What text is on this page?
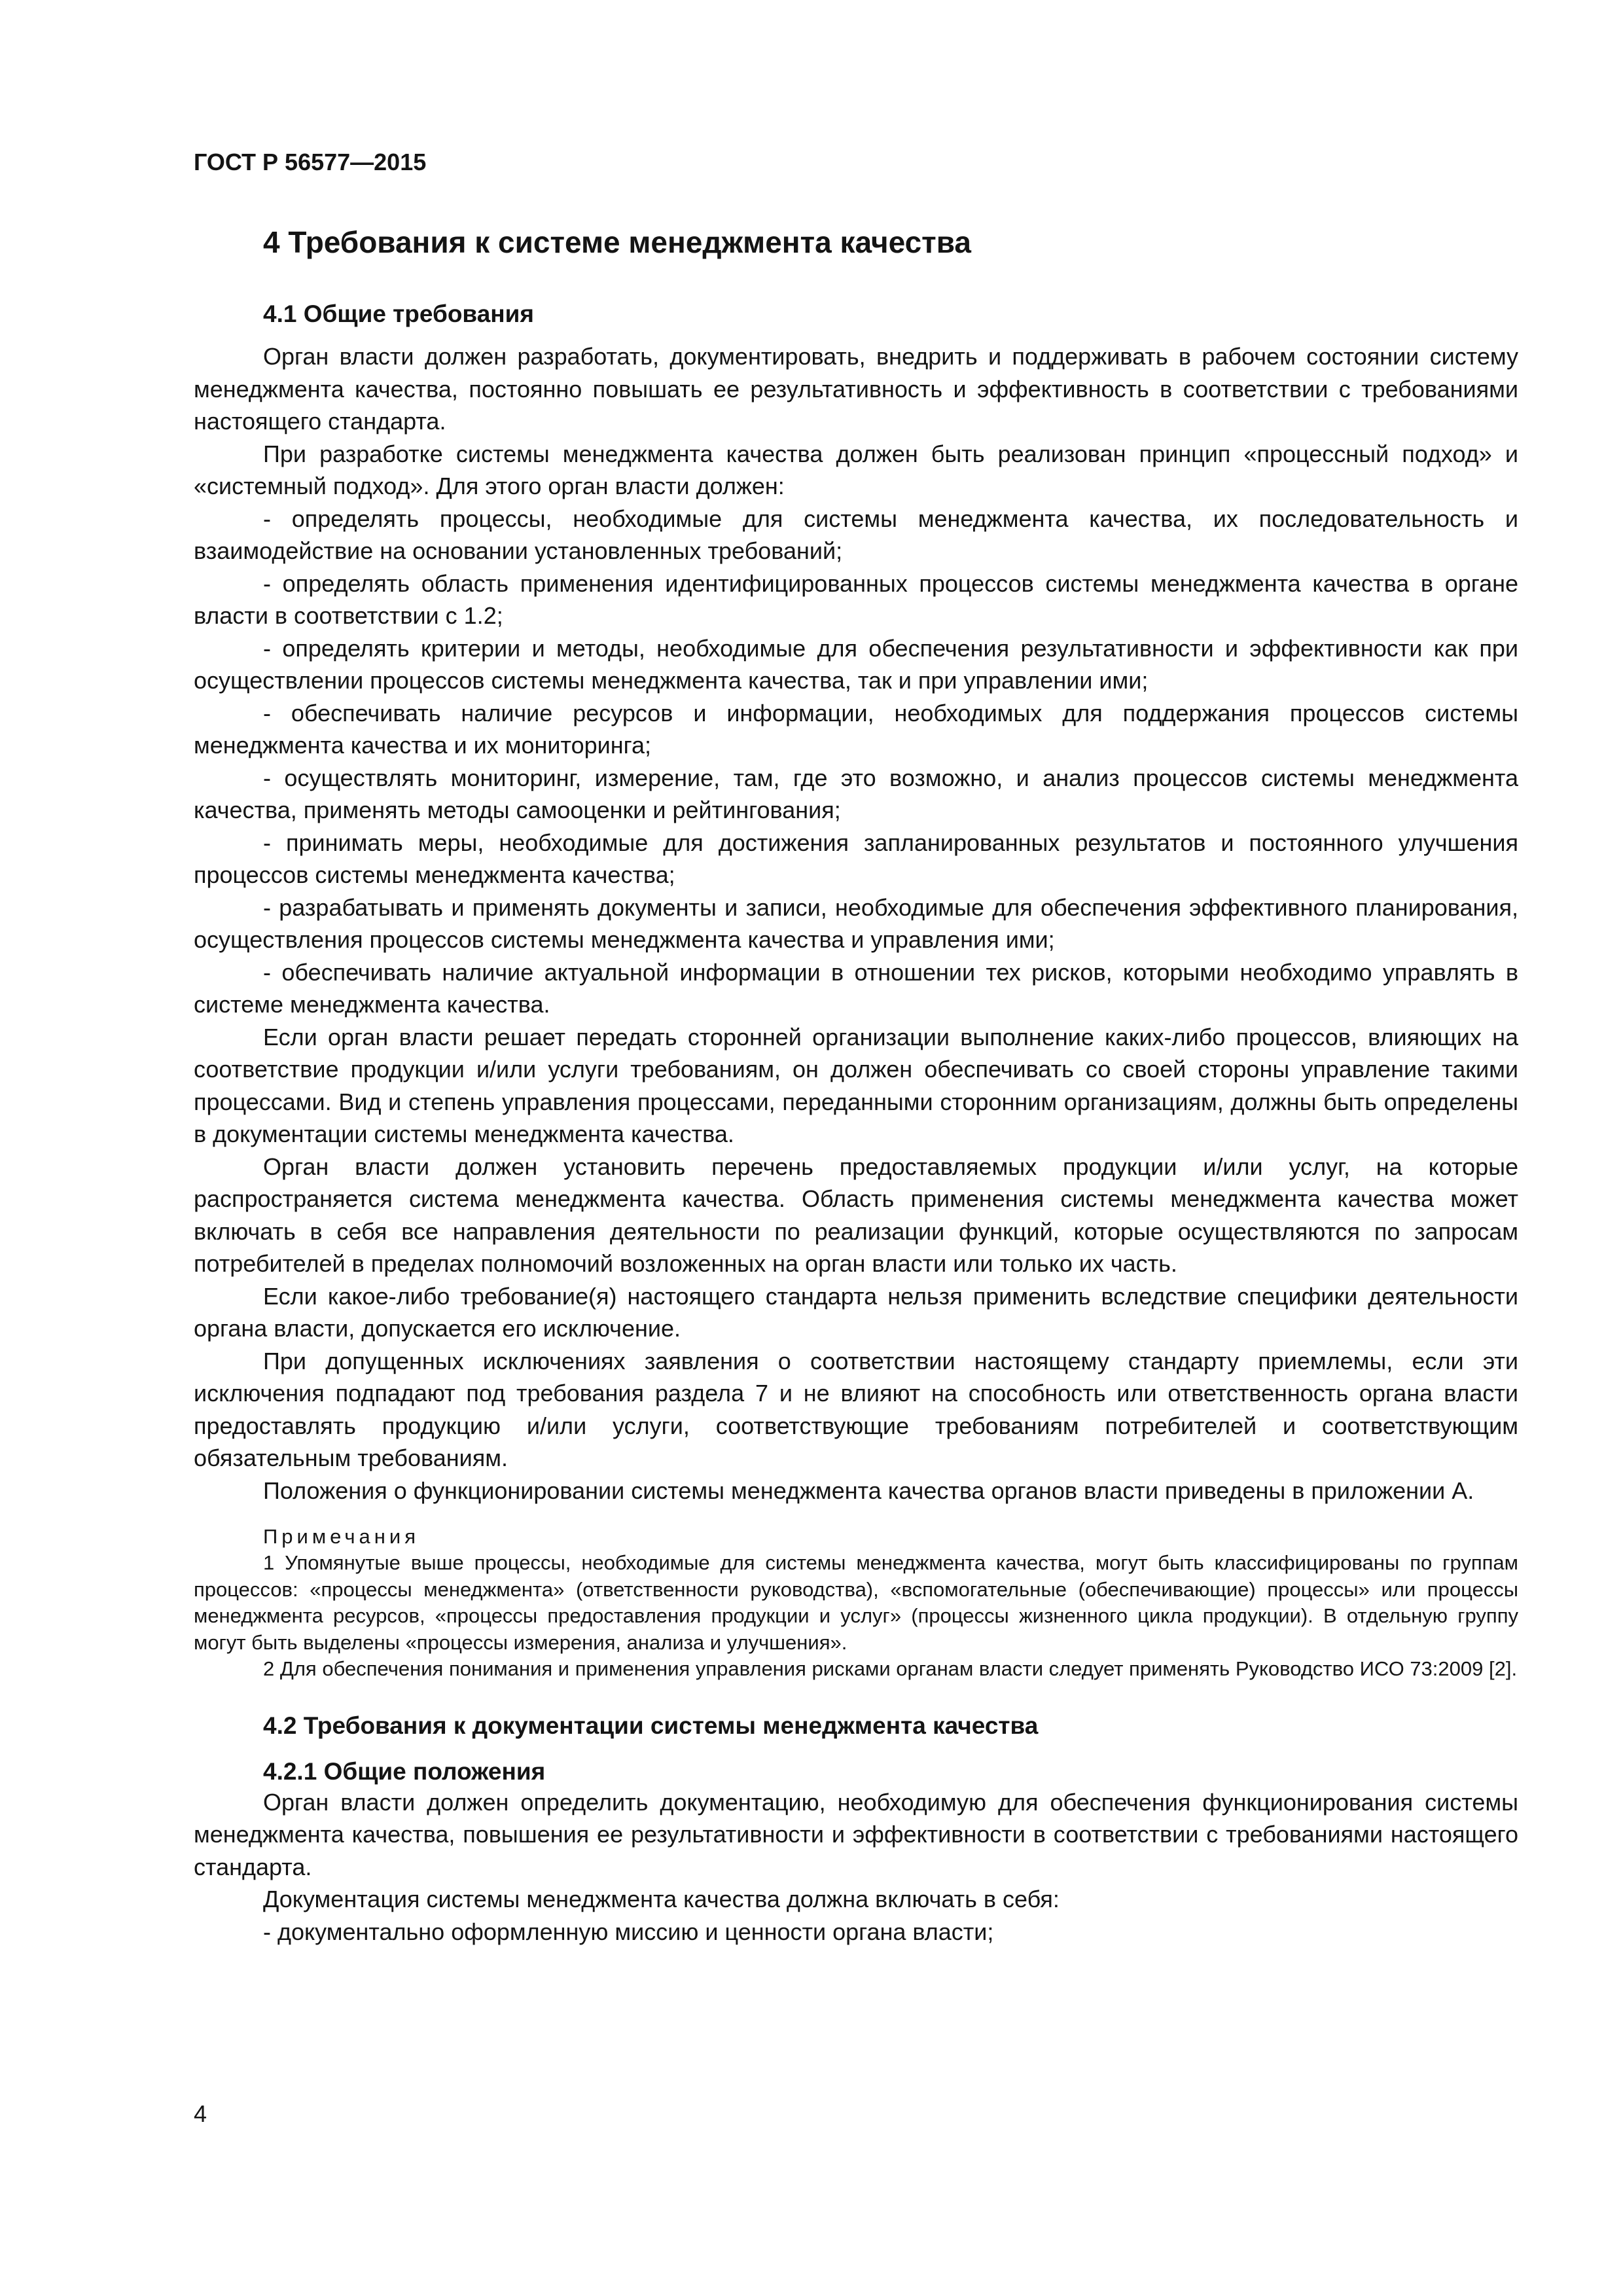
ГОСТ Р 56577—2015
4 Требования к системе менеджмента качества
4.1 Общие требования

Орган власти должен разработать, документировать, внедрить и поддерживать в рабочем состоянии систему менеджмента качества, постоянно повышать ее результативность и эффективность в соответствии с требованиями настоящего стандарта.

При разработке системы менеджмента качества должен быть реализован принцип «процессный подход» и «системный подход». Для этого орган власти должен:

- определять процессы, необходимые для системы менеджмента качества, их последовательность и взаимодействие на основании установленных требований;

- определять область применения идентифицированных процессов системы менеджмента качества в органе власти в соответствии с 1.2;

- определять критерии и методы, необходимые для обеспечения результативности и эффективности как при осуществлении процессов системы менеджмента качества, так и при управлении ими;

- обеспечивать наличие ресурсов и информации, необходимых для поддержания процессов системы менеджмента качества и их мониторинга;

- осуществлять мониторинг, измерение, там, где это возможно, и анализ процессов системы менеджмента качества, применять методы самооценки и рейтингования;

- принимать меры, необходимые для достижения запланированных результатов и постоянного улучшения процессов системы менеджмента качества;

- разрабатывать и применять документы и записи, необходимые для обеспечения эффективного планирования, осуществления процессов системы менеджмента качества и управления ими;

- обеспечивать наличие актуальной информации в отношении тех рисков, которыми необходимо управлять в системе менеджмента качества.

Если орган власти решает передать сторонней организации выполнение каких-либо процессов, влияющих на соответствие продукции и/или услуги требованиям, он должен обеспечивать со своей стороны управление такими процессами. Вид и степень управления процессами, переданными сторонним организациям, должны быть определены в документации системы менеджмента качества.

Орган власти должен установить перечень предоставляемых продукции и/или услуг, на которые распространяется система менеджмента качества. Область применения системы менеджмента качества может включать в себя все направления деятельности по реализации функций, которые осуществляются по запросам потребителей в пределах полномочий возложенных на орган власти или только их часть.

Если какое-либо требование(я) настоящего стандарта нельзя применить вследствие специфики деятельности органа власти, допускается его исключение.

При допущенных исключениях заявления о соответствии настоящему стандарту приемлемы, если эти исключения подпадают под требования раздела 7 и не влияют на способность или ответственность органа власти предоставлять продукцию и/или услуги, соответствующие требованиям потребителей и соответствующим обязательным требованиям.

Положения о функционировании системы менеджмента качества органов власти приведены в приложении А.

Примечания

1 Упомянутые выше процессы, необходимые для системы менеджмента качества, могут быть классифицированы по группам процессов: «процессы менеджмента» (ответственности руководства), «вспомогательные (обеспечивающие) процессы» или процессы менеджмента ресурсов, «процессы предоставления продукции и услуг» (процессы жизненного цикла продукции). В отдельную группу могут быть выделены «процессы измерения, анализа и улучшения».

2 Для обеспечения понимания и применения управления рисками органам власти следует применять Руководство ИСО 73:2009 [2].

4.2 Требования к документации системы менеджмента качества
4.2.1 Общие положения

Орган власти должен определить документацию, необходимую для обеспечения функционирования системы менеджмента качества, повышения ее результативности и эффективности в соответствии с требованиями настоящего стандарта.

Документация системы менеджмента качества должна включать в себя:

- документально оформленную миссию и ценности органа власти;

4
